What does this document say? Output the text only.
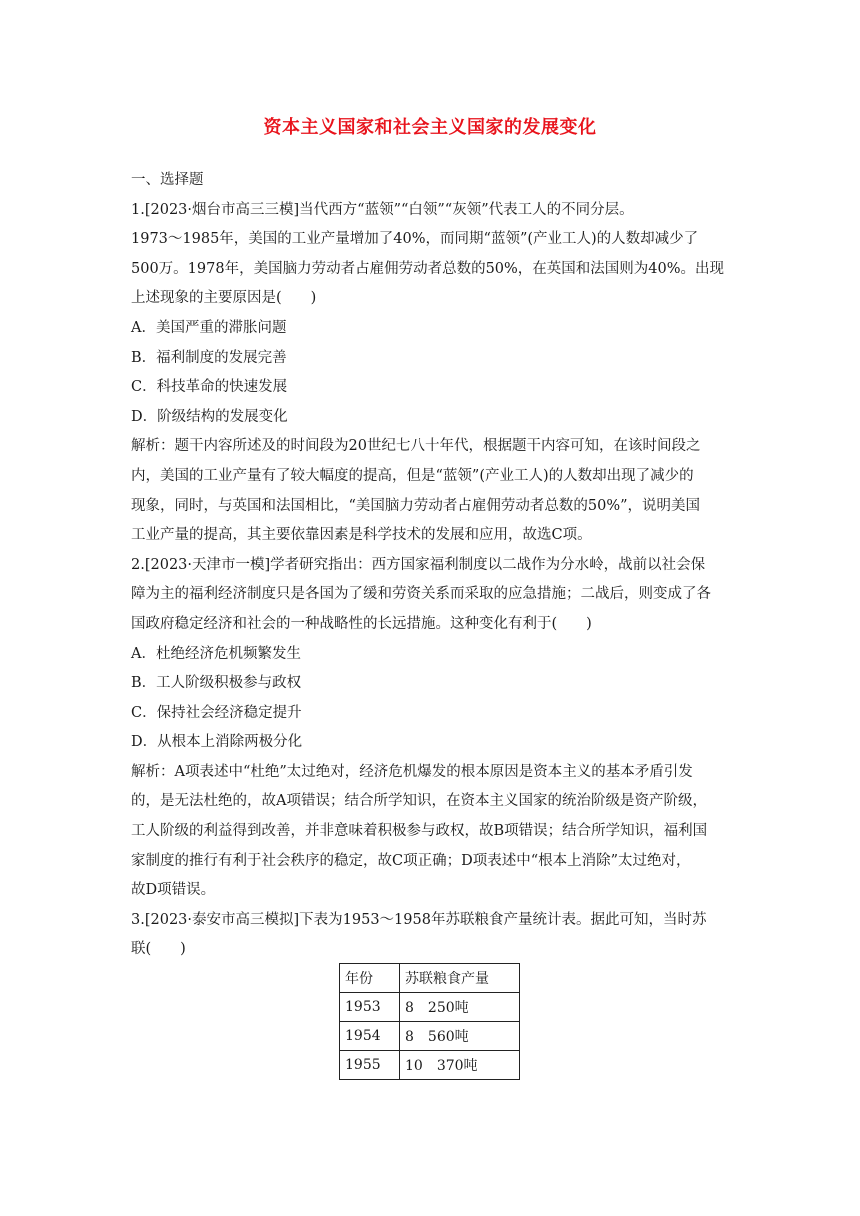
资本主义国家和社会主义国家的发展变化

一、选择题

1.[2023·烟台市高三三模]当代西方“蓝领”“白领”“灰领”代表工人的不同分层。

1973～1985年，美国的工业产量增加了40%，而同期“蓝领”(产业工人)的人数却减少了

500万。1978年，美国脑力劳动者占雇佣劳动者总数的50%，在英国和法国则为40%。出现

上述现象的主要原因是(　　)

A．美国严重的滞胀问题

B．福利制度的发展完善

C．科技革命的快速发展

D．阶级结构的发展变化

解析：题干内容所述及的时间段为20世纪七八十年代，根据题干内容可知，在该时间段之

内，美国的工业产量有了较大幅度的提高，但是“蓝领”(产业工人)的人数却出现了减少的

现象，同时，与英国和法国相比，“美国脑力劳动者占雇佣劳动者总数的50%”，说明美国

工业产量的提高，其主要依靠因素是科学技术的发展和应用，故选C项。

2.[2023·天津市一模]学者研究指出：西方国家福利制度以二战作为分水岭，战前以社会保

障为主的福利经济制度只是各国为了缓和劳资关系而采取的应急措施；二战后，则变成了各

国政府稳定经济和社会的一种战略性的长远措施。这种变化有利于(　　)

A．杜绝经济危机频繁发生

B．工人阶级积极参与政权

C．保持社会经济稳定提升

D．从根本上消除两极分化

解析：A项表述中“杜绝”太过绝对，经济危机爆发的根本原因是资本主义的基本矛盾引发

的，是无法杜绝的，故A项错误；结合所学知识，在资本主义国家的统治阶级是资产阶级，

工人阶级的利益得到改善，并非意味着积极参与政权，故B项错误；结合所学知识，福利国

家制度的推行有利于社会秩序的稳定，故C项正确；D项表述中“根本上消除”太过绝对，

故D项错误。

3.[2023·泰安市高三模拟]下表为1953～1958年苏联粮食产量统计表。据此可知，当时苏

联(　　)

年份	苏联粮食产量
1953	8　250吨
1954	8　560吨
1955	10　370吨
